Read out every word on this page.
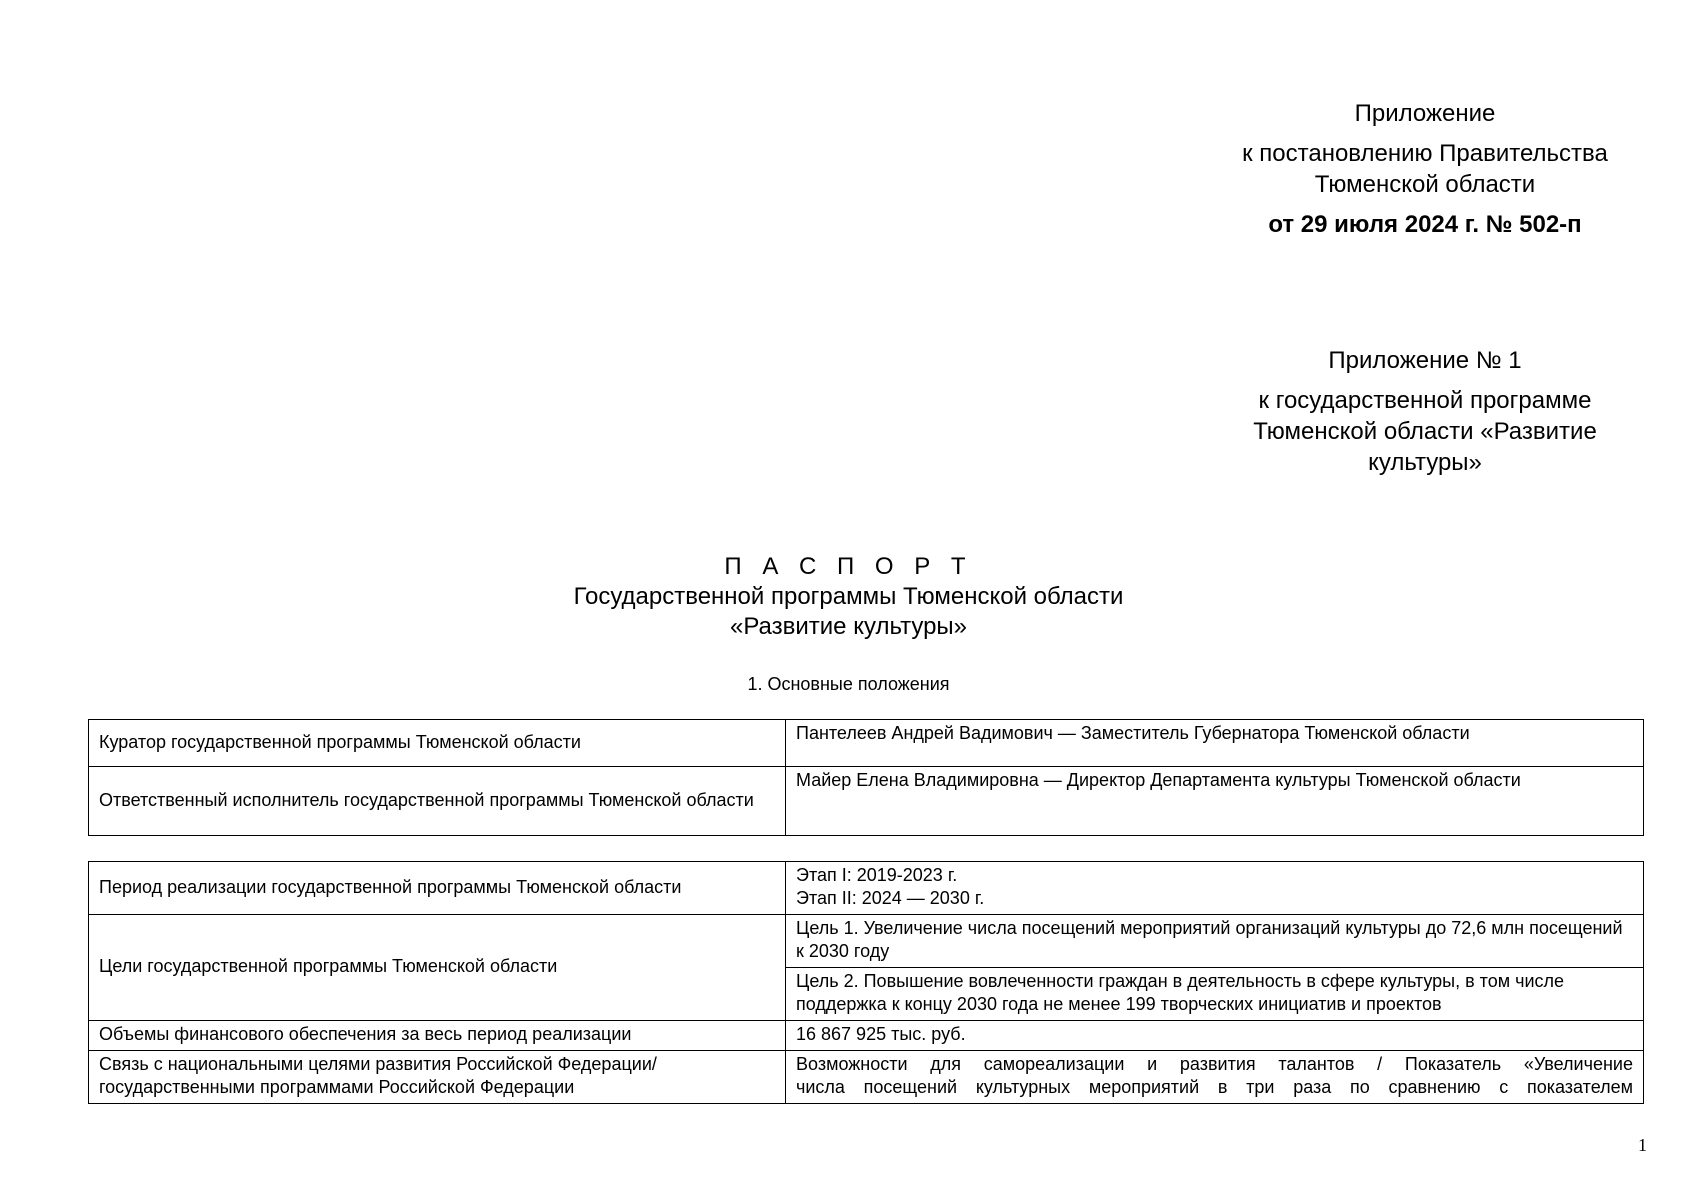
Приложение
к постановлению Правительства
Тюменской области
от 29 июля 2024 г. № 502-п
Приложение № 1
к государственной программе
Тюменской области «Развитие
культуры»
П А С П О Р Т
Государственной программы Тюменской области
«Развитие культуры»
1. Основные положения
Куратор государственной программы Тюменской области	Пантелеев Андрей Вадимович — Заместитель Губернатора Тюменской области
Ответственный исполнитель государственной программы Тюменской области	Майер Елена Владимировна — Директор Департамента культуры Тюменской области
Период реализации государственной программы Тюменской области	Этап I: 2019-2023 г.
Этап II: 2024 — 2030 г.

Цели государственной программы Тюменской области	Цель 1. Увеличение числа посещений мероприятий организаций культуры до 72,6 млн посещений к 2030 году
	Цель 2. Повышение вовлеченности граждан в деятельность в сфере культуры, в том числе поддержка к концу 2030 года не менее 199 творческих инициатив и проектов
Объемы финансового обеспечения за весь период реализации	16 867 925 тыс. руб.
Связь с национальными целями развития Российской Федерации/ государственными программами Российской Федерации	Возможности для самореализации и развития талантов / Показатель «Увеличение
числа посещений культурных мероприятий в три раза по сравнению с показателем
1
